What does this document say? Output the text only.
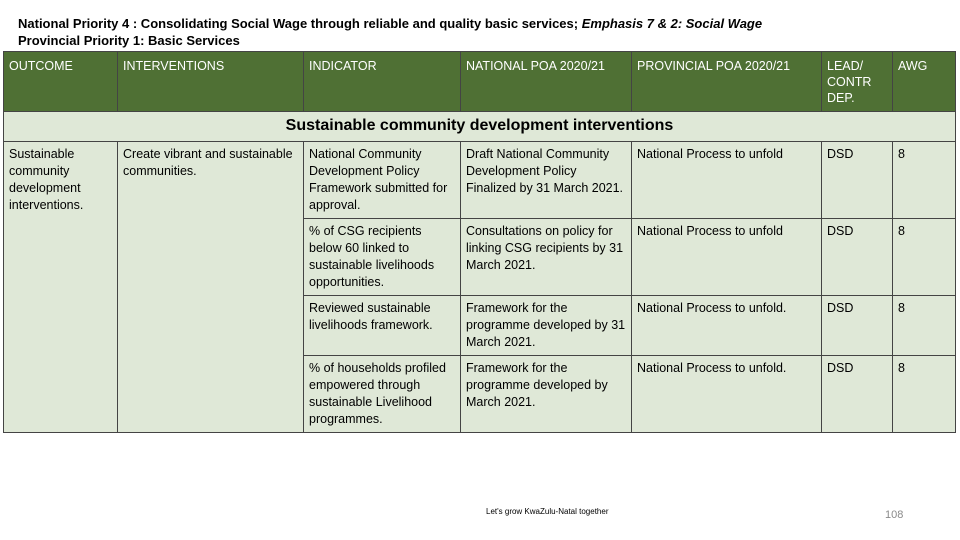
National Priority 4 : Consolidating Social Wage through reliable and quality basic services; Emphasis 7 & 2: Social Wage
Provincial Priority 1: Basic Services
OUTCOME	INTERVENTIONS	INDICATOR	NATIONAL POA 2020/21	PROVINCIAL POA 2020/21	LEAD/ CONTR DEP.	AWG
Sustainable community development interventions						
Sustainable community development interventions.	Create vibrant and sustainable communities.	National Community Development Policy Framework submitted for approval.	Draft National Community Development Policy Finalized by 31 March 2021.	National Process to unfold	DSD	8
		% of CSG recipients below 60 linked to sustainable livelihoods opportunities.	Consultations on policy for linking CSG recipients by 31 March 2021.	National Process to unfold	DSD	8
		Reviewed sustainable livelihoods framework.	Framework for the programme developed by 31 March 2021.	National Process to unfold.	DSD	8
		% of households profiled empowered through sustainable Livelihood programmes.	Framework for the programme developed by March 2021.	National Process to unfold.	DSD	8
Let's grow KwaZulu-Natal together	108
